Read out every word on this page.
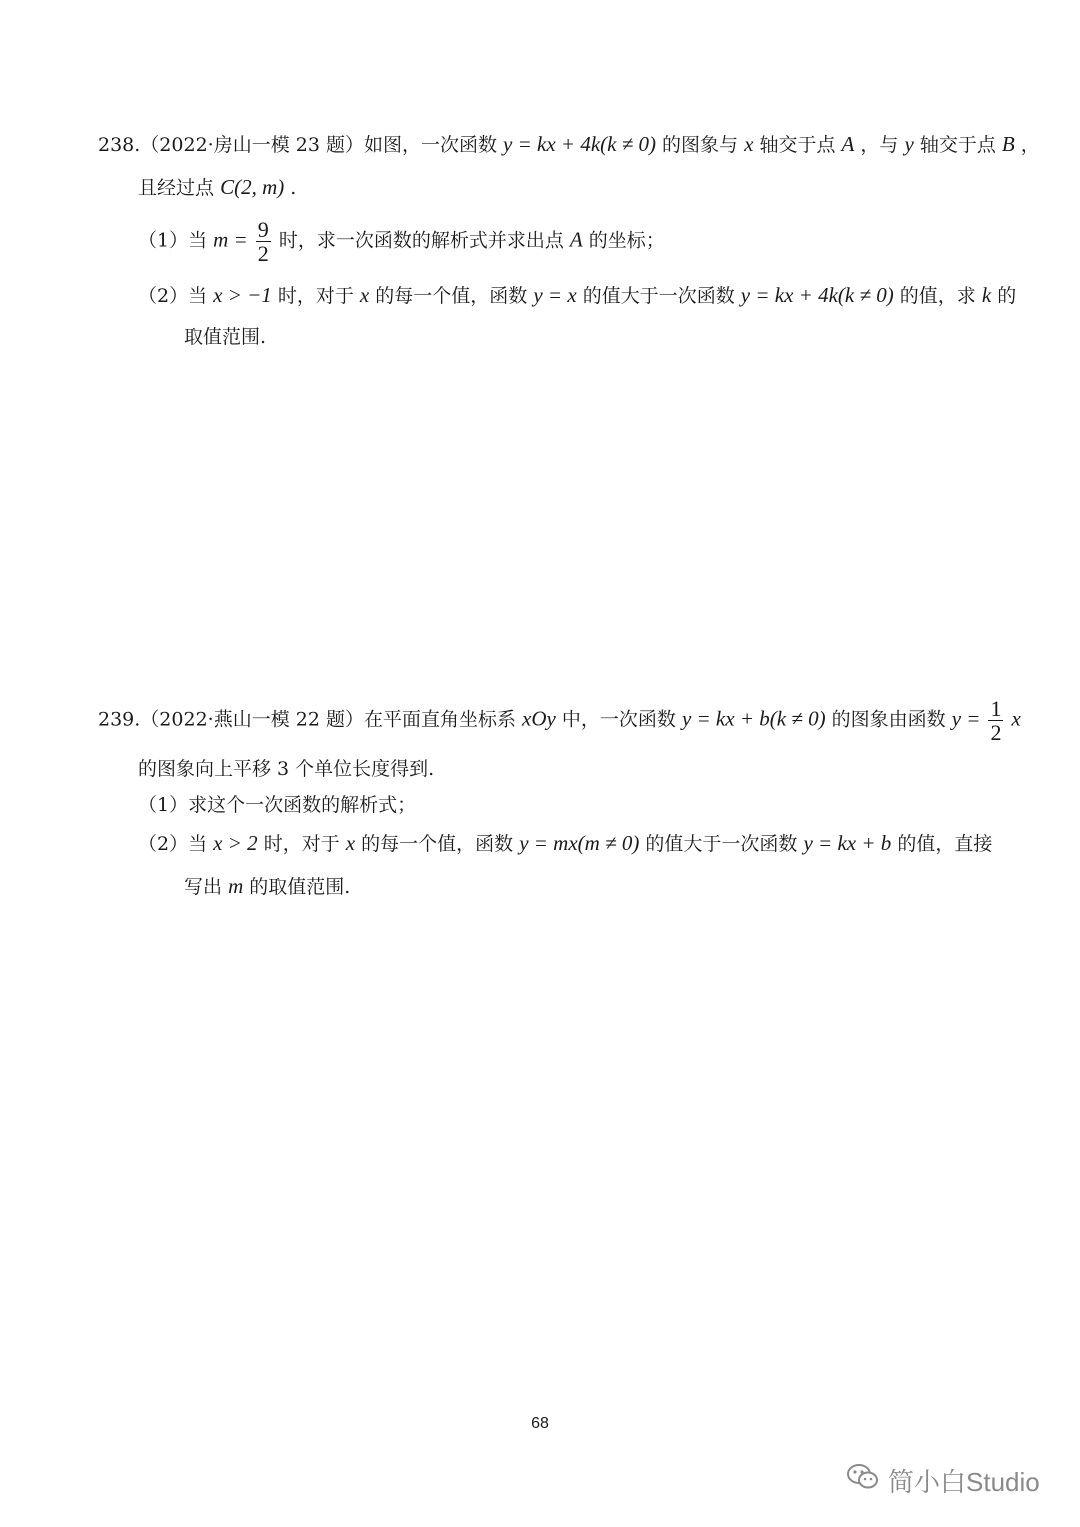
238.（2022·房山一模 23 题）如图，一次函数 y = kx + 4k(k ≠ 0) 的图象与 x 轴交于点 A ，与 y 轴交于点 B ，
且经过点 C(2, m) .
（1）当 $m = \frac{9}{2}$ 时，求一次函数的解析式并求出点 A 的坐标；
（2）当 x > −1 时，对于 x 的每一个值，函数 y = x 的值大于一次函数 y = kx + 4k(k ≠ 0) 的值，求 k 的
取值范围.
239.（2022·燕山一模 22 题）在平面直角坐标系 xOy 中，一次函数 y = kx + b(k ≠ 0) 的图象由函数 $y = \frac{1}{2}$ x
的图象向上平移 3 个单位长度得到.
（1）求这个一次函数的解析式；
（2）当 x > 2 时，对于 x 的每一个值，函数 y = mx(m ≠ 0) 的值大于一次函数 y = kx + b 的值，直接
写出 m 的取值范围.
68
简小白Studio
